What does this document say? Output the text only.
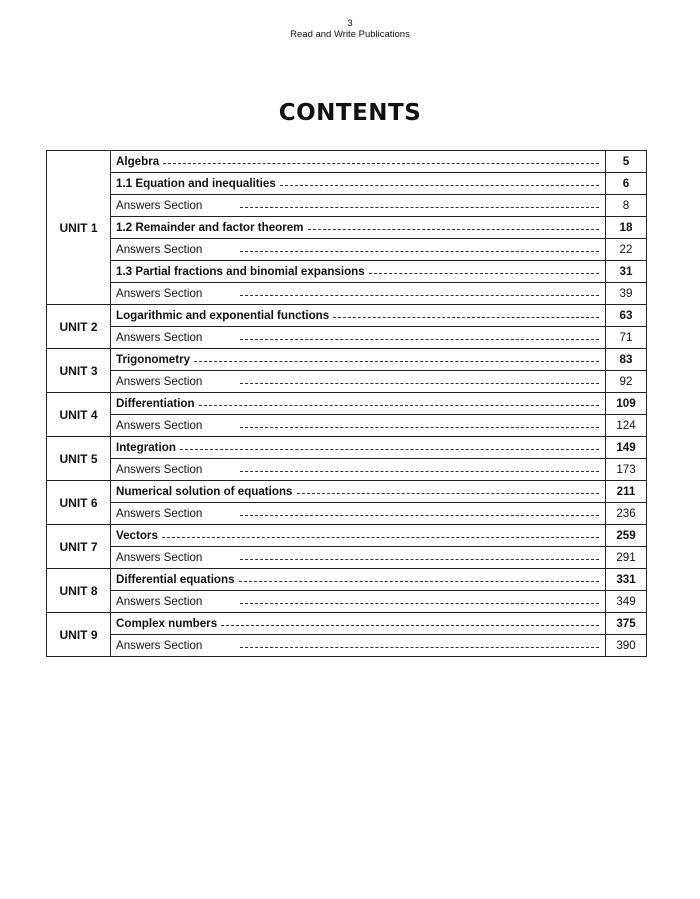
3
Read and Write Publications
CONTENTS
UNIT 1	Algebra	5

	1.1 Equation and inequalities	6

	Answers Section	8

	1.2 Remainder and factor theorem	18

	Answers Section	22

	1.3 Partial fractions and binomial expansions	31

	Answers Section	39
UNIT 2	Logarithmic and exponential functions	63

	Answers Section	71
UNIT 3	Trigonometry	83

	Answers Section	92
UNIT 4	Differentiation	109

	Answers Section	124
UNIT 5	Integration	149

	Answers Section	173
UNIT 6	Numerical solution of equations	211

	Answers Section	236
UNIT 7	Vectors	259

	Answers Section	291
UNIT 8	Differential equations	331

	Answers Section	349
UNIT 9	Complex numbers	375

	Answers Section	390
